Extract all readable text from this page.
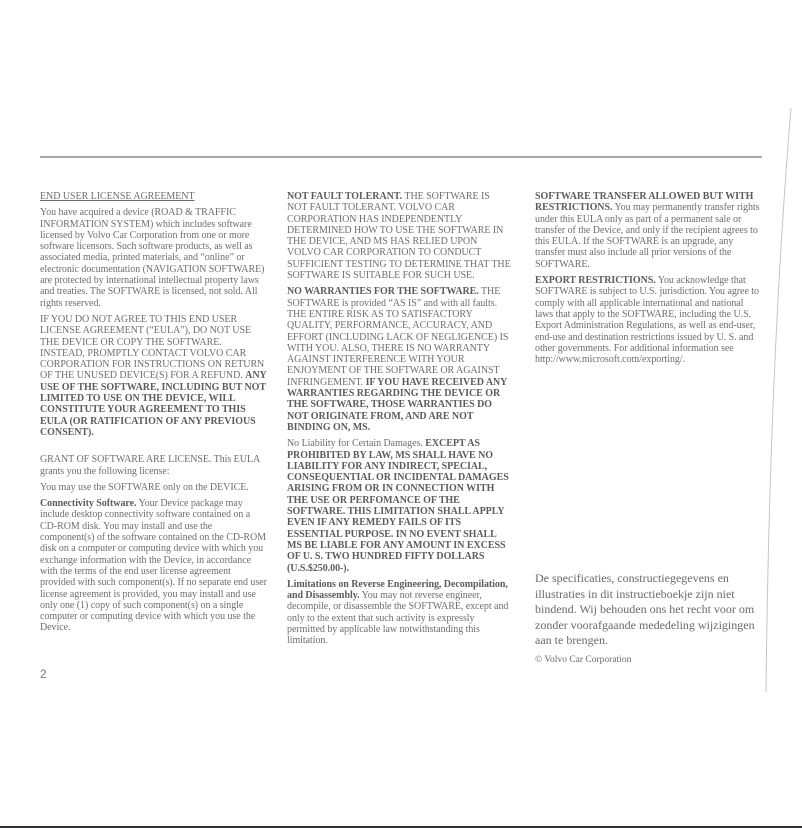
END USER LICENSE AGREEMENT

You have acquired a device (ROAD & TRAFFIC INFORMATION SYSTEM) which includes software licensed by Volvo Car Corporation from one or more software licensors. Such software products, as well as associated media, printed materials, and “online” or electronic documentation (NAVIGATION SOFTWARE) are protected by international intellectual property laws and treaties. The SOFTWARE is licensed, not sold. All rights reserved.

IF YOU DO NOT AGREE TO THIS END USER LICENSE AGREEMENT (“EULA”), DO NOT USE THE DEVICE OR COPY THE SOFTWARE. INSTEAD, PROMPTLY CONTACT VOLVO CAR CORPORATION FOR INSTRUCTIONS ON RETURN OF THE UNUSED DEVICE(S) FOR A REFUND. ANY USE OF THE SOFTWARE, INCLUDING BUT NOT LIMITED TO USE ON THE DEVICE, WILL CONSTITUTE YOUR AGREEMENT TO THIS EULA (OR RATIFICATION OF ANY PREVIOUS CONSENT).

GRANT OF SOFTWARE ARE LICENSE. This EULA grants you the following license:

You may use the SOFTWARE only on the DEVICE.

Connectivity Software. Your Device package may include desktop connectivity software contained on a CD-ROM disk. You may install and use the component(s) of the software contained on the CD-ROM disk on a computer or computing device with which you exchange information with the Device, in accordance with the terms of the end user license agreement provided with such component(s). If no separate end user license agreement is provided, you may install and use only one (1) copy of such component(s) on a single computer or computing device with which you use the Device.

NOT FAULT TOLERANT. THE SOFTWARE IS NOT FAULT TOLERANT. VOLVO CAR CORPORATION HAS INDEPENDENTLY DETERMINED HOW TO USE THE SOFTWARE IN THE DEVICE, AND MS HAS RELIED UPON VOLVO CAR CORPORATION TO CONDUCT SUFFICIENT TESTING TO DETERMINE THAT THE SOFTWARE IS SUITABLE FOR SUCH USE.

NO WARRANTIES FOR THE SOFTWARE. THE SOFTWARE is provided “AS IS” and with all faults. THE ENTIRE RISK AS TO SATISFACTORY QUALITY, PERFORMANCE, ACCURACY, AND EFFORT (INCLUDING LACK OF NEGLIGENCE) IS WITH YOU. ALSO, THERE IS NO WARRANTY AGAINST INTERFERENCE WITH YOUR ENJOYMENT OF THE SOFTWARE OR AGAINST INFRINGEMENT. IF YOU HAVE RECEIVED ANY WARRANTIES REGARDING THE DEVICE OR THE SOFTWARE, THOSE WARRANTIES DO NOT ORIGINATE FROM, AND ARE NOT BINDING ON, MS.

No Liability for Certain Damages. EXCEPT AS PROHIBITED BY LAW, MS SHALL HAVE NO LIABILITY FOR ANY INDIRECT, SPECIAL, CONSEQUENTIAL OR INCIDENTAL DAMAGES ARISING FROM OR IN CONNECTION WITH THE USE OR PERFOMANCE OF THE SOFTWARE. THIS LIMITATION SHALL APPLY EVEN IF ANY REMEDY FAILS OF ITS ESSENTIAL PURPOSE. IN NO EVENT SHALL MS BE LIABLE FOR ANY AMOUNT IN EXCESS OF U. S. TWO HUNDRED FIFTY DOLLARS (U.S.$250.00-).

Limitations on Reverse Engineering, Decompilation, and Disassembly. You may not reverse engineer, decompile, or disassemble the SOFTWARE, except and only to the extent that such activity is expressly permitted by applicable law notwithstanding this limitation.

SOFTWARE TRANSFER ALLOWED BUT WITH RESTRICTIONS. You may permanently transfer rights under this EULA only as part of a permanent sale or transfer of the Device, and only if the recipient agrees to this EULA. If the SOFTWARE is an upgrade, any transfer must also include all prior versions of the SOFTWARE.

EXPORT RESTRICTIONS. You acknowledge that SOFTWARE is subject to U.S. jurisdiction. You agree to comply with all applicable international and national laws that apply to the SOFTWARE, including the U.S. Export Administration Regulations, as well as end-user, end-use and destination restrictions issued by U. S. and other governments. For additional information see http://www.microsoft.com/exporting/.

De specificaties, constructiegegevens en illustraties in dit instructieboekje zijn niet bindend. Wij behouden ons het recht voor om zonder voorafgaande mededeling wijzigingen aan te brengen.

© Volvo Car Corporation

2
